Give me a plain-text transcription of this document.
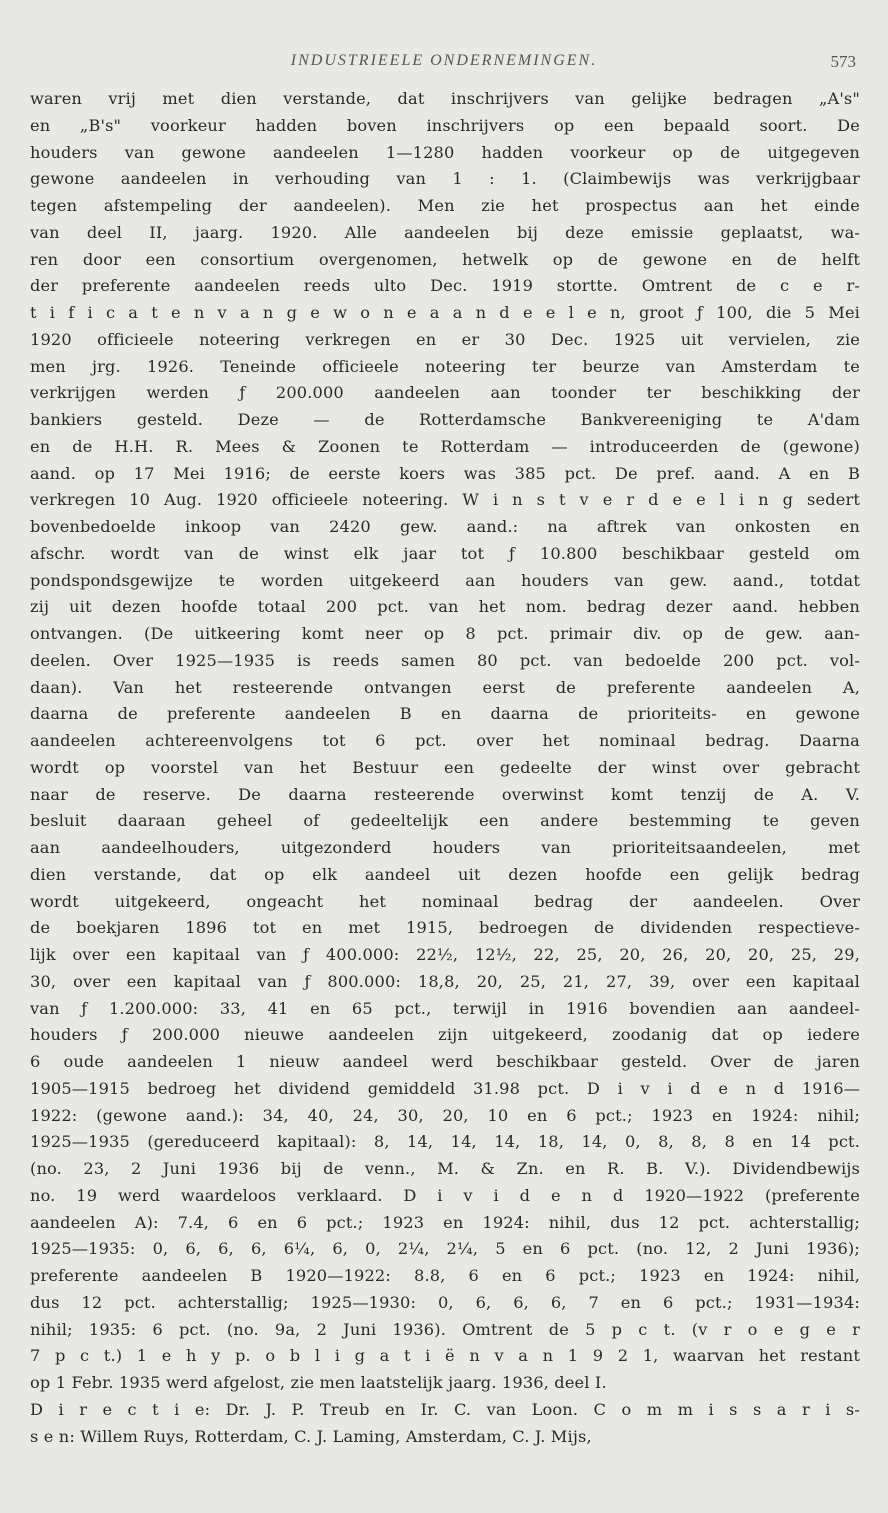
INDUSTRIEELE ONDERNEMINGEN.	573
waren vrij met dien verstande, dat inschrijvers van gelijke bedragen „A's"
en „B's" voorkeur hadden boven inschrijvers op een bepaald soort. De
houders van gewone aandeelen 1—1280 hadden voorkeur op de uitgegeven
gewone aandeelen in verhouding van 1 : 1. (Claimbewijs was verkrijgbaar
tegen afstempeling der aandeelen). Men zie het prospectus aan het einde
van deel II, jaarg. 1920. Alle aandeelen bij deze emissie geplaatst, wa-
ren door een consortium overgenomen, hetwelk op de gewone en de helft
der preferente aandeelen reeds ulto Dec. 1919 stortte. Omtrent de c e r-
t i f i c a t e n v a n g e w o n e a a n d e e l e n, groot ƒ 100, die 5 Mei
1920 officieele noteering verkregen en er 30 Dec. 1925 uit vervielen, zie
men jrg. 1926. Teneinde officieele noteering ter beurze van Amsterdam te
verkrijgen werden ƒ 200.000 aandeelen aan toonder ter beschikking der
bankiers gesteld. Deze — de Rotterdamsche Bankvereeniging te A'dam
en de H.H. R. Mees & Zoonen te Rotterdam — introduceerden de (gewone)
aand. op 17 Mei 1916; de eerste koers was 385 pct. De pref. aand. A en B
verkregen 10 Aug. 1920 officieele noteering. W i n s t v e r d e e l i n g sedert
bovenbedoelde inkoop van 2420 gew. aand.: na aftrek van onkosten en
afschr. wordt van de winst elk jaar tot ƒ 10.800 beschikbaar gesteld om
pondspondsgewijze te worden uitgekeerd aan houders van gew. aand., totdat
zij uit dezen hoofde totaal 200 pct. van het nom. bedrag dezer aand. hebben
ontvangen. (De uitkeering komt neer op 8 pct. primair div. op de gew. aan-
deelen. Over 1925—1935 is reeds samen 80 pct. van bedoelde 200 pct. vol-
daan). Van het resteerende ontvangen eerst de preferente aandeelen A,
daarna de preferente aandeelen B en daarna de prioriteits- en gewone
aandeelen achtereenvolgens tot 6 pct. over het nominaal bedrag. Daarna
wordt op voorstel van het Bestuur een gedeelte der winst over gebracht
naar de reserve. De daarna resteerende overwinst komt tenzij de A. V.
besluit daaraan geheel of gedeeltelijk een andere bestemming te geven
aan aandeelhouders, uitgezonderd houders van prioriteitsaandeelen, met
dien verstande, dat op elk aandeel uit dezen hoofde een gelijk bedrag
wordt uitgekeerd, ongeacht het nominaal bedrag der aandeelen. Over
de boekjaren 1896 tot en met 1915, bedroegen de dividenden respectieve-
lijk over een kapitaal van ƒ 400.000: 22½, 12½, 22, 25, 20, 26, 20, 20, 25, 29,
30, over een kapitaal van ƒ 800.000: 18,8, 20, 25, 21, 27, 39, over een kapitaal
van ƒ 1.200.000: 33, 41 en 65 pct., terwijl in 1916 bovendien aan aandeel-
houders ƒ 200.000 nieuwe aandeelen zijn uitgekeerd, zoodanig dat op iedere
6 oude aandeelen 1 nieuw aandeel werd beschikbaar gesteld. Over de jaren
1905—1915 bedroeg het dividend gemiddeld 31.98 pct. D i v i d e n d 1916—
1922: (gewone aand.): 34, 40, 24, 30, 20, 10 en 6 pct.; 1923 en 1924: nihil;
1925—1935 (gereduceerd kapitaal): 8, 14, 14, 14, 18, 14, 0, 8, 8, 8 en 14 pct.
(no. 23, 2 Juni 1936 bij de venn., M. & Zn. en R. B. V.). Dividendbewijs
no. 19 werd waardeloos verklaard. D i v i d e n d 1920—1922 (preferente
aandeelen A): 7.4, 6 en 6 pct.; 1923 en 1924: nihil, dus 12 pct. achterstallig;
1925—1935: 0, 6, 6, 6, 6¼, 6, 0, 2¼, 2¼, 5 en 6 pct. (no. 12, 2 Juni 1936);
preferente aandeelen B 1920—1922: 8.8, 6 en 6 pct.; 1923 en 1924: nihil,
dus 12 pct. achterstallig; 1925—1930: 0, 6, 6, 6, 7 en 6 pct.; 1931—1934:
nihil; 1935: 6 pct. (no. 9a, 2 Juni 1936). Omtrent de 5 p c t. (v r o e g e r
7 p c t.) 1 e h y p. o b l i g a t i ë n v a n 1 9 2 1, waarvan het restant
op 1 Febr. 1935 werd afgelost, zie men laatstelijk jaarg. 1936, deel I.
D i r e c t i e: Dr. J. P. Treub en Ir. C. van Loon. C o m m i s s a r i s-
s e n: Willem Ruys, Rotterdam, C. J. Laming, Amsterdam, C. J. Mijs,
